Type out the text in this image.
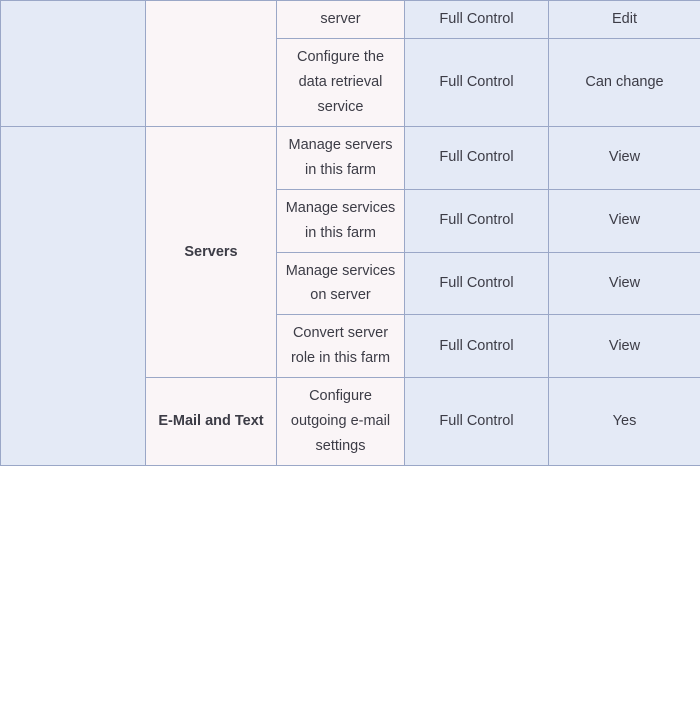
		server	Full Control	Edit
		Configure the data retrieval service	Full Control	Can change
	Servers	Manage servers in this farm	Full Control	View
		Manage services in this farm	Full Control	View
		Manage services on server	Full Control	View
		Convert server role in this farm	Full Control	View
	E-Mail and Text	Configure outgoing e-mail settings	Full Control	Yes
